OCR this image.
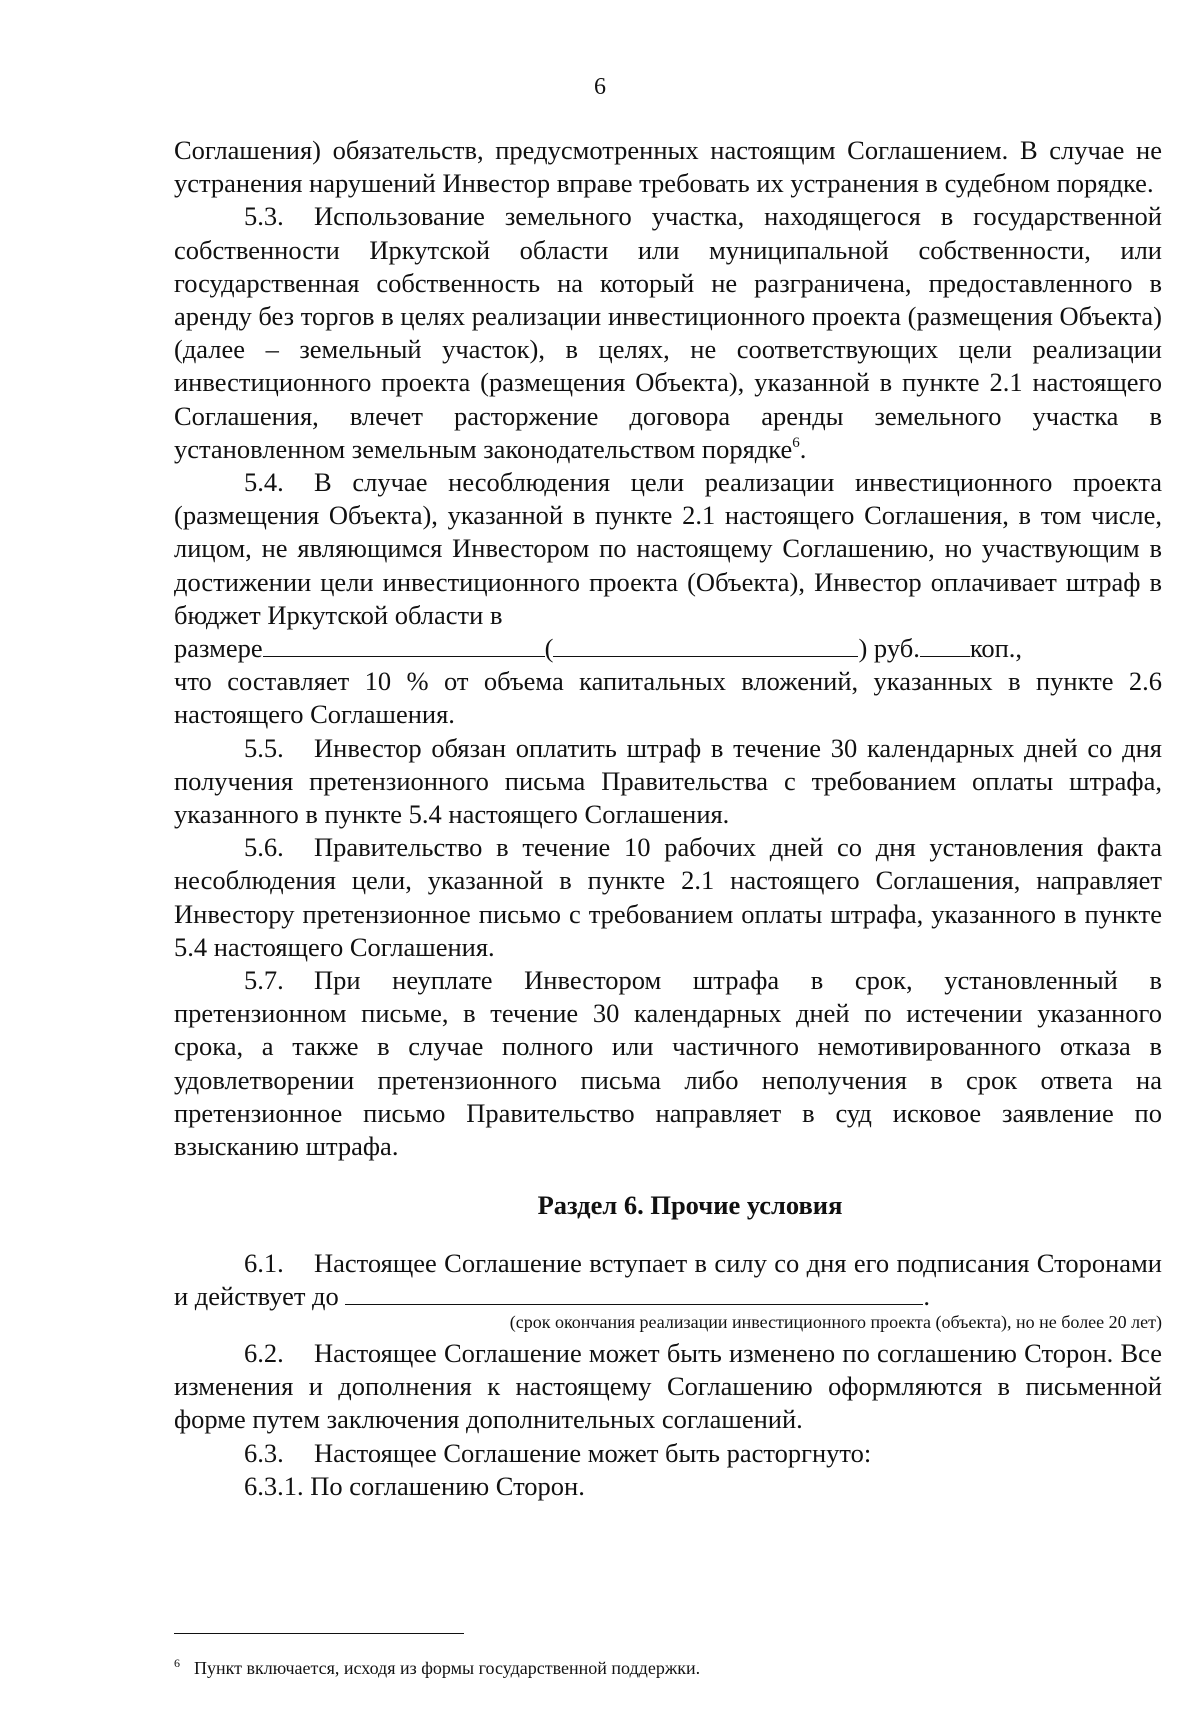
6

Соглашения) обязательств, предусмотренных настоящим Соглашением. В случае не устранения нарушений Инвестор вправе требовать их устранения в судебном порядке.

5.3. Использование земельного участка, находящегося в государственной собственности Иркутской области или муниципальной собственности, или государственная собственность на который не разграничена, предоставленного в аренду без торгов в целях реализации инвестиционного проекта (размещения Объекта) (далее – земельный участок), в целях, не соответствующих цели реализации инвестиционного проекта (размещения Объекта), указанной в пункте 2.1 настоящего Соглашения, влечет расторжение договора аренды земельного участка в установленном земельным законодательством порядке$^6$.

5.4. В случае несоблюдения цели реализации инвестиционного проекта (размещения Объекта), указанной в пункте 2.1 настоящего Соглашения, в том числе, лицом, не являющимся Инвестором по настоящему Соглашению, но участвующим в достижении цели инвестиционного проекта (Объекта), Инвестор оплачивает штраф в бюджет Иркутской области в

размере	(	) руб. коп.,

что составляет 10 % от объема капитальных вложений, указанных в пункте 2.6 настоящего Соглашения.

5.5. Инвестор обязан оплатить штраф в течение 30 календарных дней со дня получения претензионного письма Правительства с требованием оплаты штрафа, указанного в пункте 5.4 настоящего Соглашения.

5.6. Правительство в течение 10 рабочих дней со дня установления факта несоблюдения цели, указанной в пункте 2.1 настоящего Соглашения, направляет Инвестору претензионное письмо с требованием оплаты штрафа, указанного в пункте 5.4 настоящего Соглашения.

5.7. При неуплате Инвестором штрафа в срок, установленный в претензионном письме, в течение 30 календарных дней по истечении указанного срока, а также в случае полного или частичного немотивированного отказа в удовлетворении претензионного письма либо неполучения в срок ответа на претензионное письмо Правительство направляет в суд исковое заявление по взысканию штрафа.

Раздел 6. Прочие условия

6.1. Настоящее Соглашение вступает в силу со дня его подписания Сторонами и действует до	.

(срок окончания реализации инвестиционного проекта (объекта), но не более 20 лет)

6.2. Настоящее Соглашение может быть изменено по соглашению Сторон. Все изменения и дополнения к настоящему Соглашению оформляются в письменной форме путем заключения дополнительных соглашений.

6.3. Настоящее Соглашение может быть расторгнуто:

6.3.1. По соглашению Сторон.

$^6$ Пункт включается, исходя из формы государственной поддержки.
